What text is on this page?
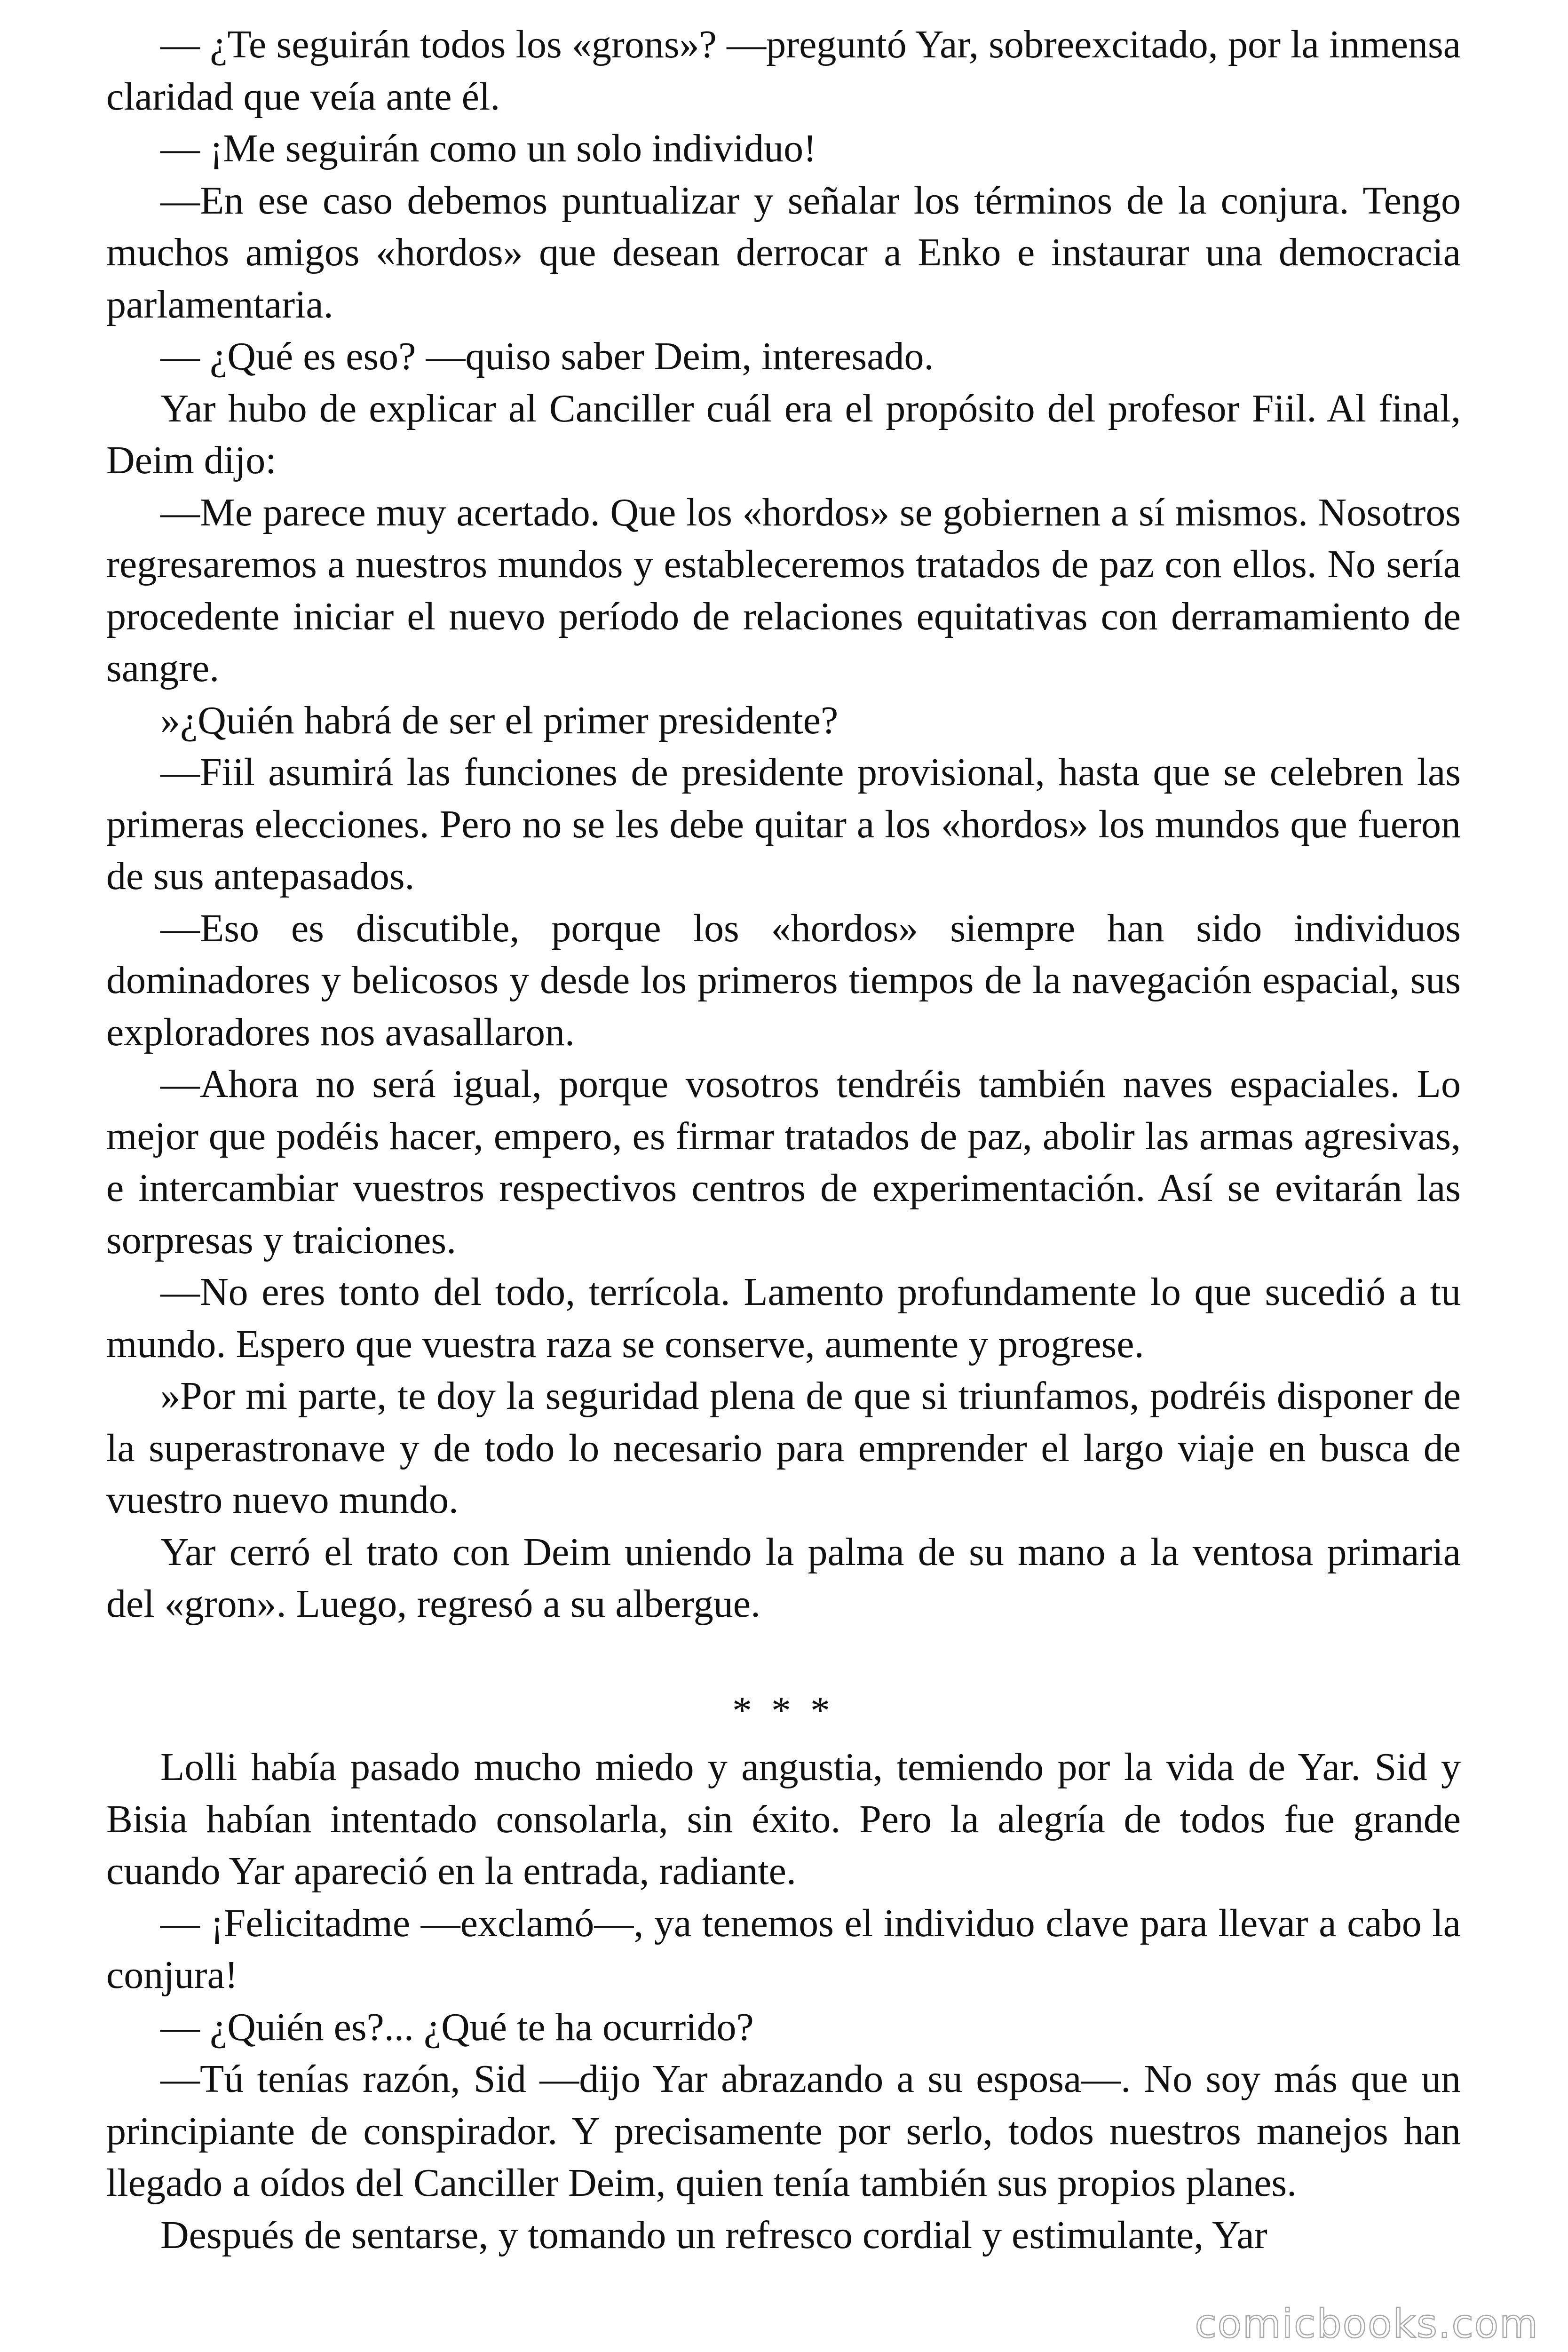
— ¿Te seguirán todos los «grons»? —preguntó Yar, sobreexcitado, por la inmensa claridad que veía ante él.

— ¡Me seguirán como un solo individuo!

—En ese caso debemos puntualizar y señalar los términos de la conjura. Tengo muchos amigos «hordos» que desean derrocar a Enko e instaurar una democracia parlamentaria.

— ¿Qué es eso? —quiso saber Deim, interesado.

Yar hubo de explicar al Canciller cuál era el propósito del profesor Fiil. Al final, Deim dijo:

—Me parece muy acertado. Que los «hordos» se gobiernen a sí mismos. Nosotros regresaremos a nuestros mundos y estableceremos tratados de paz con ellos. No sería procedente iniciar el nuevo período de relaciones equitativas con derramamiento de sangre.

»¿Quién habrá de ser el primer presidente?

—Fiil asumirá las funciones de presidente provisional, hasta que se celebren las primeras elecciones. Pero no se les debe quitar a los «hordos» los mundos que fueron de sus antepasados.

—Eso es discutible, porque los «hordos» siempre han sido individuos dominadores y belicosos y desde los primeros tiempos de la navegación espacial, sus exploradores nos avasallaron.

—Ahora no será igual, porque vosotros tendréis también naves espaciales. Lo mejor que podéis hacer, empero, es firmar tratados de paz, abolir las armas agresivas, e intercambiar vuestros respectivos centros de experimentación. Así se evitarán las sorpresas y traiciones.

—No eres tonto del todo, terrícola. Lamento profundamente lo que sucedió a tu mundo. Espero que vuestra raza se conserve, aumente y progrese.

»Por mi parte, te doy la seguridad plena de que si triunfamos, podréis disponer de la superastronave y de todo lo necesario para emprender el largo viaje en busca de vuestro nuevo mundo.

Yar cerró el trato con Deim uniendo la palma de su mano a la ventosa primaria del «gron». Luego, regresó a su albergue.

* * *

Lolli había pasado mucho miedo y angustia, temiendo por la vida de Yar. Sid y Bisia habían intentado consolarla, sin éxito. Pero la alegría de todos fue grande cuando Yar apareció en la entrada, radiante.

— ¡Felicitadme —exclamó—, ya tenemos el individuo clave para llevar a cabo la conjura!

— ¿Quién es?... ¿Qué te ha ocurrido?

—Tú tenías razón, Sid —dijo Yar abrazando a su esposa—. No soy más que un principiante de conspirador. Y precisamente por serlo, todos nuestros manejos han llegado a oídos del Canciller Deim, quien tenía también sus propios planes.

Después de sentarse, y tomando un refresco cordial y estimulante, Yar

comicbooks.com
